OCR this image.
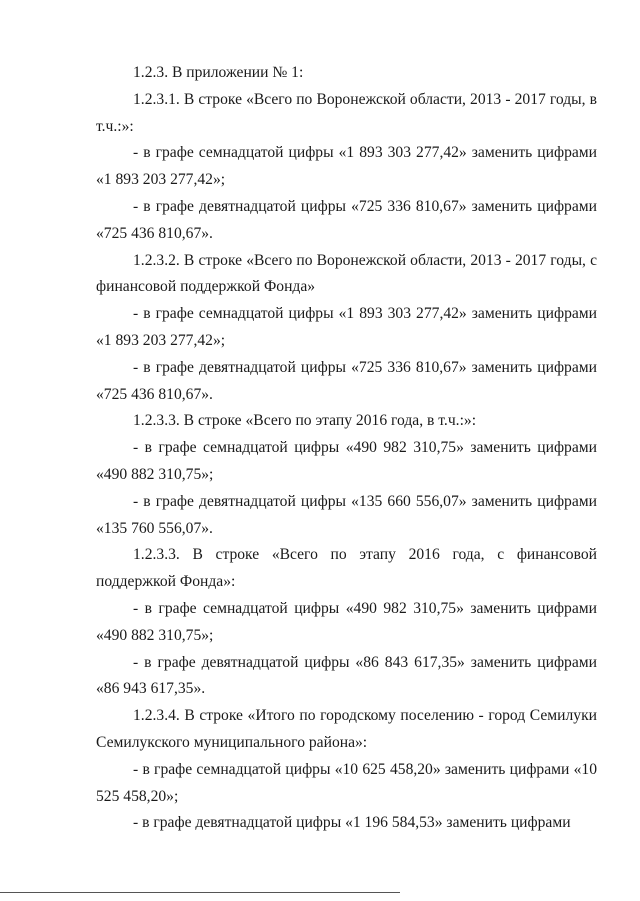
1.2.3. В приложении № 1:

1.2.3.1. В строке «Всего по Воронежской области, 2013 - 2017 годы, в т.ч.:»:

- в графе семнадцатой цифры «1 893 303 277,42» заменить цифрами «1 893 203 277,42»;

- в графе девятнадцатой цифры «725 336 810,67» заменить цифрами «725 436 810,67».

1.2.3.2. В строке «Всего по Воронежской области, 2013 - 2017 годы, с финансовой поддержкой Фонда»

- в графе семнадцатой цифры «1 893 303 277,42» заменить цифрами «1 893 203 277,42»;

- в графе девятнадцатой цифры «725 336 810,67» заменить цифрами «725 436 810,67».

1.2.3.3. В строке «Всего по этапу 2016 года, в т.ч.:»:

- в графе семнадцатой цифры «490 982 310,75» заменить цифрами «490 882 310,75»;

- в графе девятнадцатой цифры «135 660 556,07» заменить цифрами «135 760 556,07».

1.2.3.3. В строке «Всего по этапу 2016 года, с финансовой поддержкой Фонда»:

- в графе семнадцатой цифры «490 982 310,75» заменить цифрами «490 882 310,75»;

- в графе девятнадцатой цифры «86 843 617,35» заменить цифрами «86 943 617,35».

1.2.3.4. В строке «Итого по городскому поселению - город Семилуки Семилукского муниципального района»:

- в графе семнадцатой цифры «10 625 458,20» заменить цифрами «10 525 458,20»;

- в графе девятнадцатой цифры «1 196 584,53» заменить цифрами
